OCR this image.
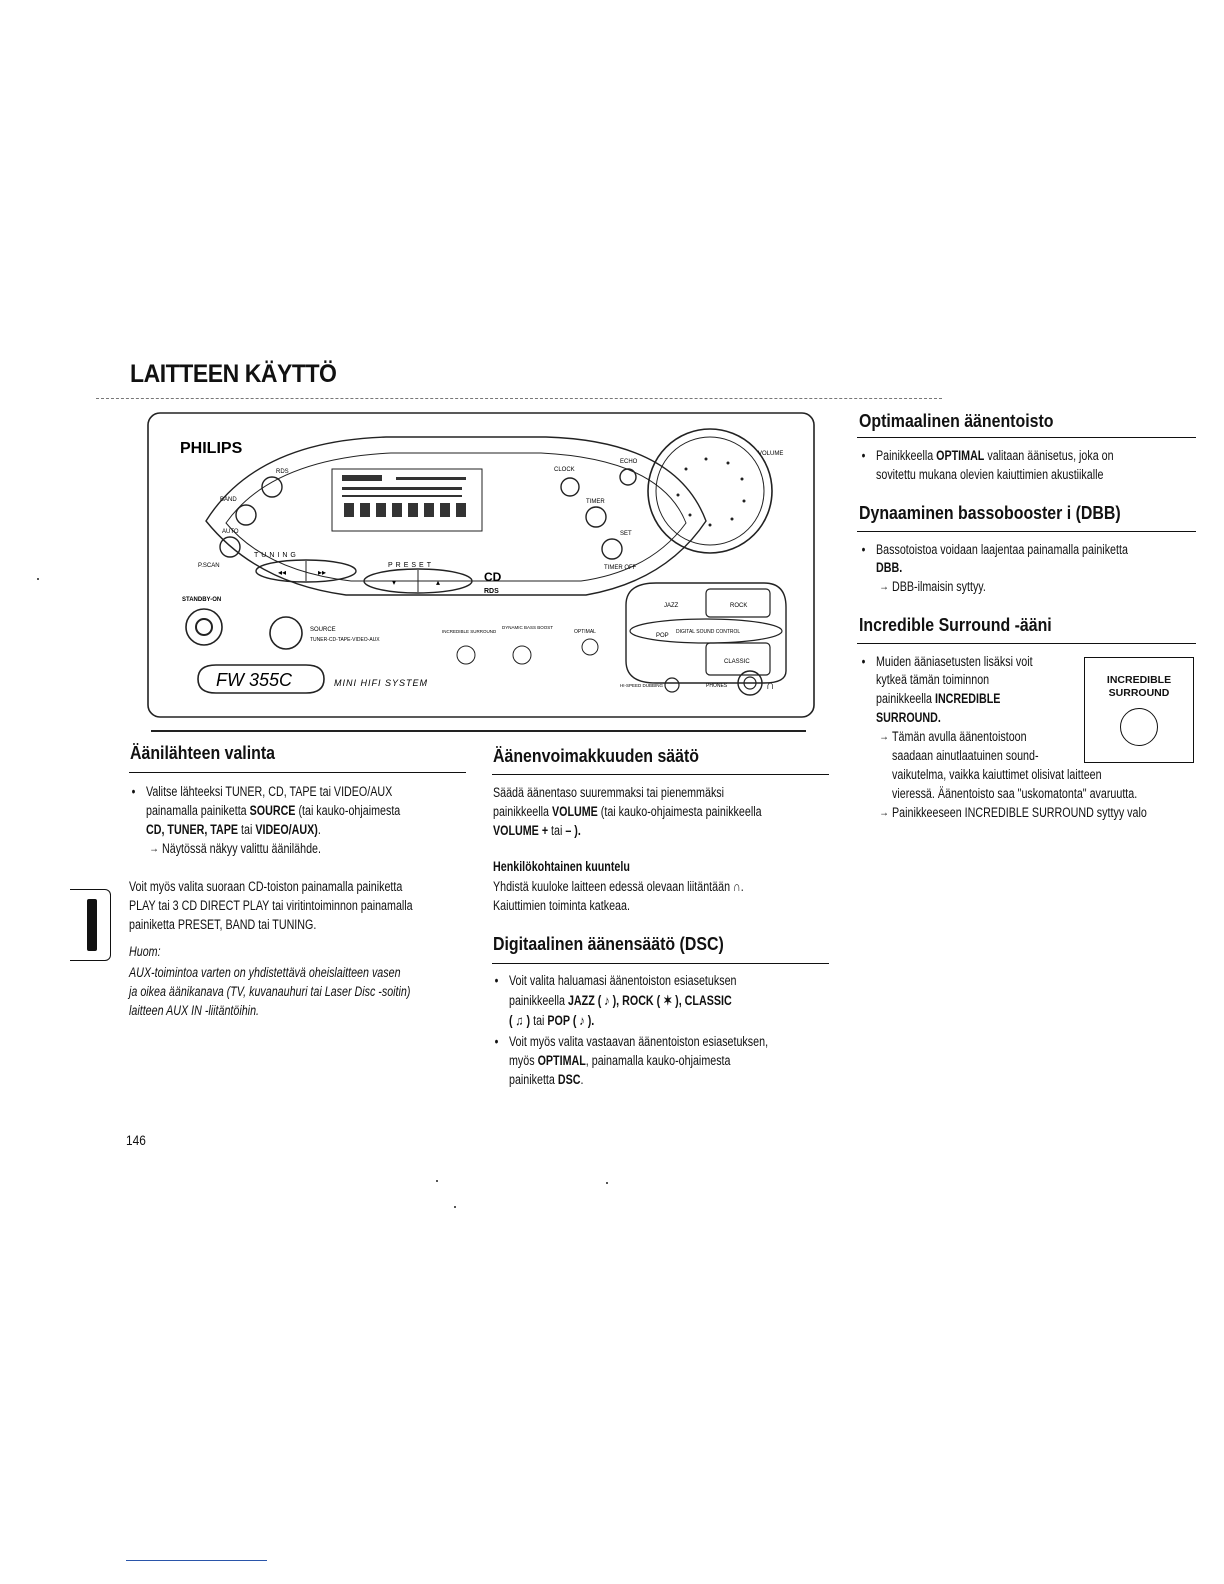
LAITTEEN KÄYTTÖ
PHILIPS
RDS
BAND
AUTO
P.SCAN
TUNING
◂◂	▸▸
PRESET
▾	▴	CD
RDS
CLOCK
ECHO
TIMER
SET
TIMER OFF
VOLUME
ROCK
CLASSIC
DIGITAL SOUND CONTROL
JAZZ
POP
STANDBY-ON
SOURCE
TUNER-CD-TAPE-VIDEO-AUX
INCREDIBLE SURROUND
DYNAMIC BASS BOOST
OPTIMAL
FW 355C	MINI HIFI SYSTEM	HI-SPEED DUBBING	PHONES	∩
Äänilähteen valinta
• Valitse lähteeksi TUNER, CD, TAPE tai VIDEO/AUX
painamalla painiketta SOURCE (tai kauko-ohjaimesta
CD, TUNER, TAPE tai VIDEO/AUX).
→ Näytössä näkyy valittu äänilähde.
Voit myös valita suoraan CD-toiston painamalla painiketta
PLAY tai 3 CD DIRECT PLAY tai viritintoiminnon painamalla
painiketta PRESET, BAND tai TUNING.
Huom:
AUX-toimintoa varten on yhdistettävä oheislaitteen vasen
ja oikea äänikanava (TV, kuvanauhuri tai Laser Disc -soitin)
laitteen AUX IN -liitäntöihin.
Äänenvoimakkuuden säätö
Säädä äänentaso suuremmaksi tai pienemmäksi
painikkeella VOLUME (tai kauko-ohjaimesta painikkeella
VOLUME + tai – ).
Henkilökohtainen kuuntelu
Yhdistä kuuloke laitteen edessä olevaan liitäntään ∩.
Kaiuttimien toiminta katkeaa.
Digitaalinen äänensäätö (DSC)
• Voit valita haluamasi äänentoiston esiasetuksen
painikkeella JAZZ ( ♪ ), ROCK ( ✶ ), CLASSIC
( ♫ ) tai POP ( ♪ ).
• Voit myös valita vastaavan äänentoiston esiasetuksen,
myös OPTIMAL, painamalla kauko-ohjaimesta
painiketta DSC.
Optimaalinen äänentoisto
• Painikkeella OPTIMAL valitaan äänisetus, joka on
sovitettu mukana olevien kaiuttimien akustiikalle
Dynaaminen bassobooster i (DBB)
• Bassotoistoa voidaan laajentaa painamalla painiketta
DBB.
→ DBB-ilmaisin syttyy.
Incredible Surround -ääni
• Muiden ääniasetusten lisäksi voit
kytkeä tämän toiminnon
painikkeella INCREDIBLE
SURROUND.
→ Tämän avulla äänentoistoon
saadaan ainutlaatuinen sound-
vaikutelma, vaikka kaiuttimet olisivat laitteen
vieressä. Äänentoisto saa "uskomatonta" avaruutta.
→ Painikkeeseen INCREDIBLE SURROUND syttyy valo
INCREDIBLE
SURROUND
146
